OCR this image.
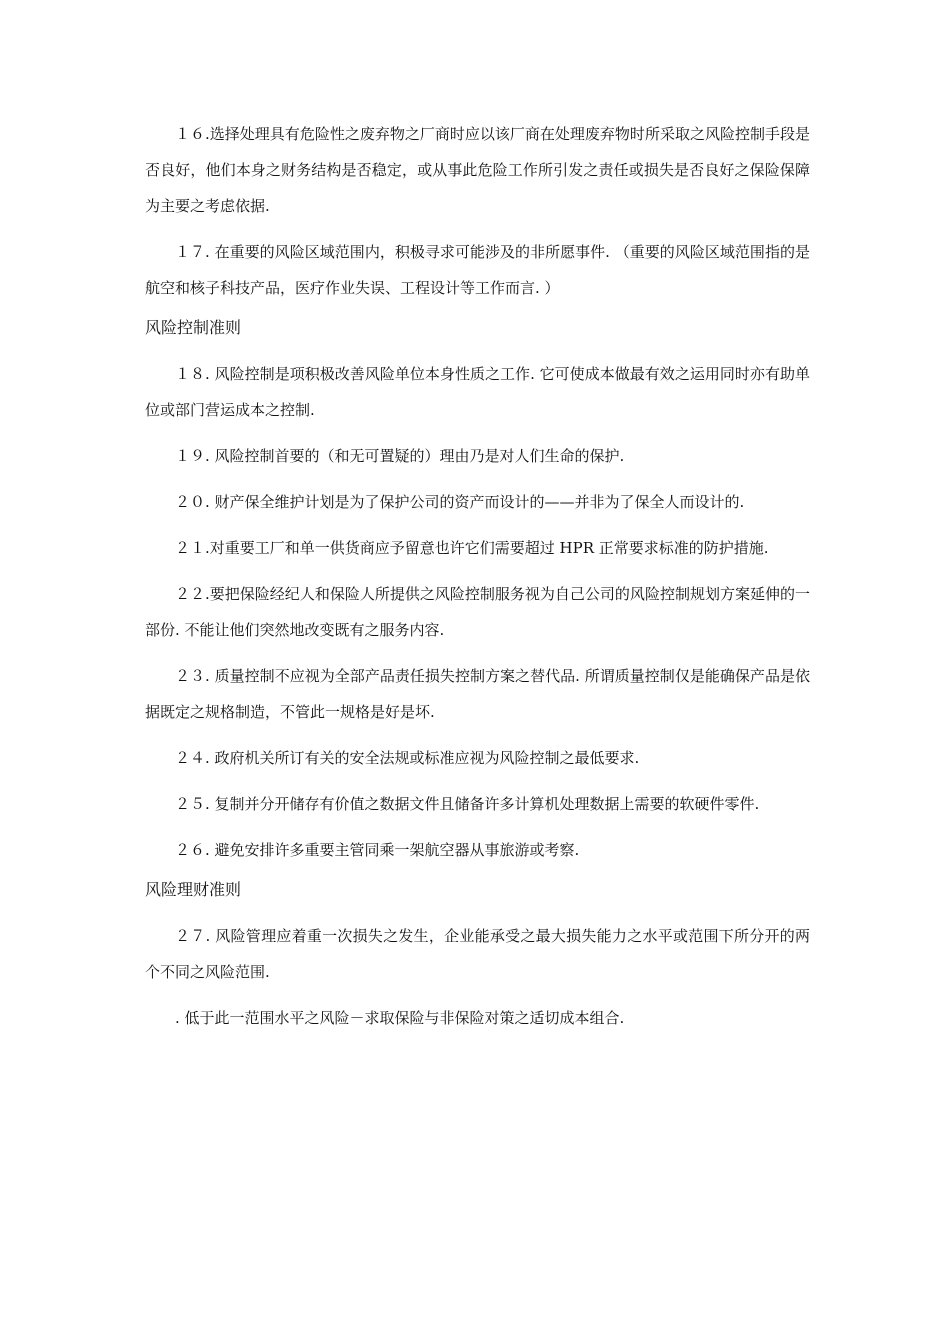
１６.选择处理具有危险性之废弃物之厂商时应以该厂商在处理废弃物时所采取之风险控制手段是否良好，他们本身之财务结构是否稳定，或从事此危险工作所引发之责任或损失是否良好之保险保障为主要之考虑依据.

１７. 在重要的风险区域范围内，积极寻求可能涉及的非所愿事件. （重要的风险区域范围指的是航空和核子科技产品，医疗作业失误、工程设计等工作而言. ）

风险控制准则

１８. 风险控制是项积极改善风险单位本身性质之工作. 它可使成本做最有效之运用同时亦有助单位或部门营运成本之控制.

１９. 风险控制首要的（和无可置疑的）理由乃是对人们生命的保护.

２０. 财产保全维护计划是为了保护公司的资产而设计的——并非为了保全人而设计的.

２１.对重要工厂和单一供货商应予留意也许它们需要超过 HPR 正常要求标准的防护措施.

２２.要把保险经纪人和保险人所提供之风险控制服务视为自己公司的风险控制规划方案延伸的一部份. 不能让他们突然地改变既有之服务内容.

２３. 质量控制不应视为全部产品责任损失控制方案之替代品. 所谓质量控制仅是能确保产品是依据既定之规格制造，不管此一规格是好是坏.

２４. 政府机关所订有关的安全法规或标准应视为风险控制之最低要求.

２５. 复制并分开储存有价值之数据文件且储备许多计算机处理数据上需要的软硬件零件.

２６. 避免安排许多重要主管同乘一架航空器从事旅游或考察.

风险理财准则

２７. 风险管理应着重一次损失之发生，企业能承受之最大损失能力之水平或范围下所分开的两个不同之风险范围.

. 低于此一范围水平之风险－求取保险与非保险对策之适切成本组合.
